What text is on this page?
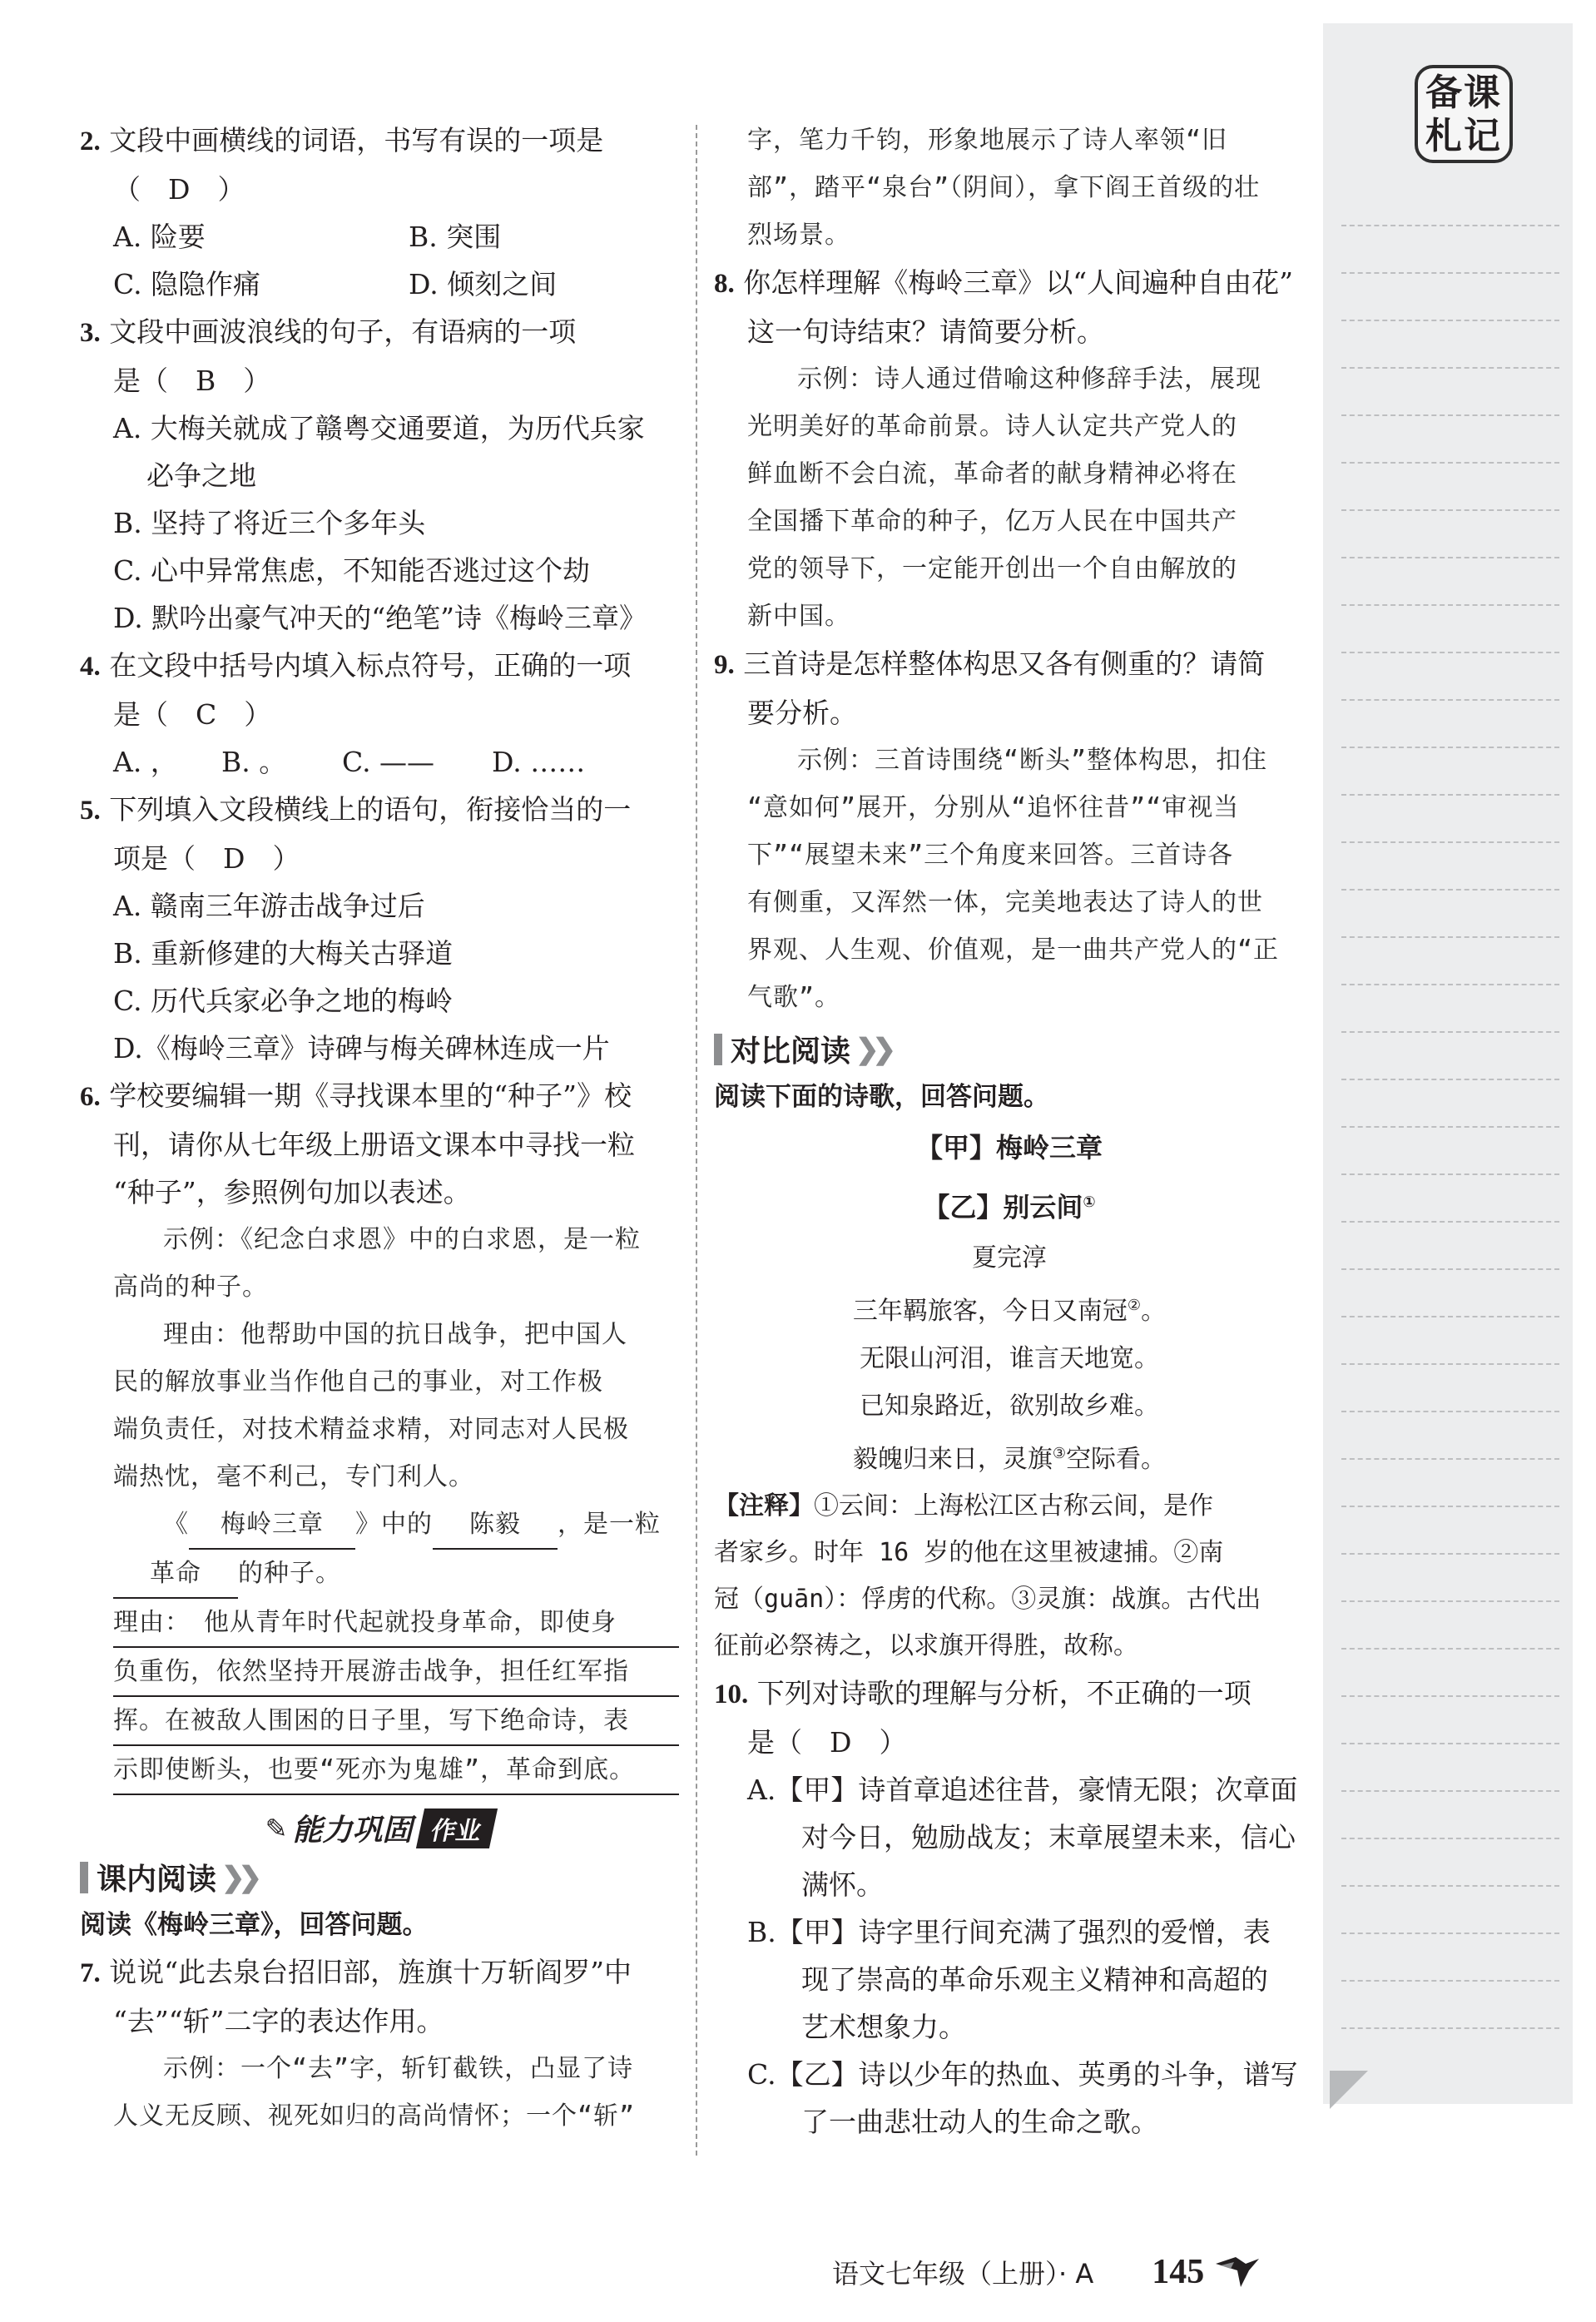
备 课
札 记

2. 文段中画横线的词语，书写有误的一项是

（　D　）

A. 险要	B. 突围
C. 隐隐作痛	D. 倾刻之间

3. 文段中画波浪线的句子，有语病的一项

是（　B　）

A. 大梅关就成了赣粤交通要道，为历代兵家
必争之地
B. 坚持了将近三个多年头
C. 心中异常焦虑，不知能否逃过这个劫
D. 默吟出豪气冲天的“绝笔”诗《梅岭三章》

4. 在文段中括号内填入标点符号，正确的一项

是（　C　）

A. ，	B. 。	C. ——	D. ……

5. 下列填入文段横线上的语句，衔接恰当的一

项是（　D　）

A. 赣南三年游击战争过后
B. 重新修建的大梅关古驿道
C. 历代兵家必争之地的梅岭
D.《梅岭三章》诗碑与梅关碑林连成一片

6. 学校要编辑一期《寻找课本里的“种子”》校

刊，请你从七年级上册语文课本中寻找一粒

“种子”，参照例句加以表述。

示例：《纪念白求恩》中的白求恩，是一粒
高尚的种子。
理由：他帮助中国的抗日战争，把中国人
民的解放事业当作他自己的事业，对工作极
端负责任，对技术精益求精，对同志对人民极
端热忱，毫不利己，专门利人。
《 梅岭三章 》中的 陈毅 ，是一粒
革命 的种子。
理由：　 他从青年时代起就投身革命，即使身
负重伤，依然坚持开展游击战争，担任红军指
挥。在被敌人围困的日子里，写下绝命诗，表
示即使断头，也要“死亦为鬼雄”，革命到底。
✎ 能力巩固 作业
课内阅读 ❯❯
阅读《梅岭三章》，回答问题。

7. 说说“此去泉台招旧部，旌旗十万斩阎罗”中

“去”“斩”二字的表达作用。

示例：一个“去”字，斩钉截铁，凸显了诗
人义无反顾、视死如归的高尚情怀；一个“斩”
字，笔力千钧，形象地展示了诗人率领“旧
部”，踏平“泉台”（阴间），拿下阎王首级的壮
烈场景。

8. 你怎样理解《梅岭三章》以“人间遍种自由花”

这一句诗结束？请简要分析。

示例：诗人通过借喻这种修辞手法，展现
光明美好的革命前景。诗人认定共产党人的
鲜血断不会白流，革命者的献身精神必将在
全国播下革命的种子，亿万人民在中国共产
党的领导下，一定能开创出一个自由解放的
新中国。

9. 三首诗是怎样整体构思又各有侧重的？请简

要分析。

示例：三首诗围绕“断头”整体构思，扣住
“意如何”展开，分别从“追怀往昔”“审视当
下”“展望未来”三个角度来回答。三首诗各
有侧重，又浑然一体，完美地表达了诗人的世
界观、人生观、价值观，是一曲共产党人的“正
气歌”。
对比阅读 ❯❯
阅读下面的诗歌，回答问题。
【甲】梅岭三章
【乙】别云间①
夏完淳
三年羁旅客，今日又南冠②。
无限山河泪，谁言天地宽。
已知泉路近，欲别故乡难。
毅魄归来日，灵旗③空际看。
【注释】①云间：上海松江区古称云间，是作
者家乡。时年 16 岁的他在这里被逮捕。②南
冠（guān）：俘虏的代称。③灵旗：战旗。古代出
征前必祭祷之，以求旗开得胜，故称。

10. 下列对诗歌的理解与分析，不正确的一项

是（　D　）

A.【甲】诗首章追述往昔，豪情无限；次章面
对今日，勉励战友；末章展望未来，信心
满怀。
B.【甲】诗字里行间充满了强烈的爱憎，表
现了崇高的革命乐观主义精神和高超的
艺术想象力。
C.【乙】诗以少年的热血、英勇的斗争，谱写
了一曲悲壮动人的生命之歌。
语文七年级（上册）· A 145
